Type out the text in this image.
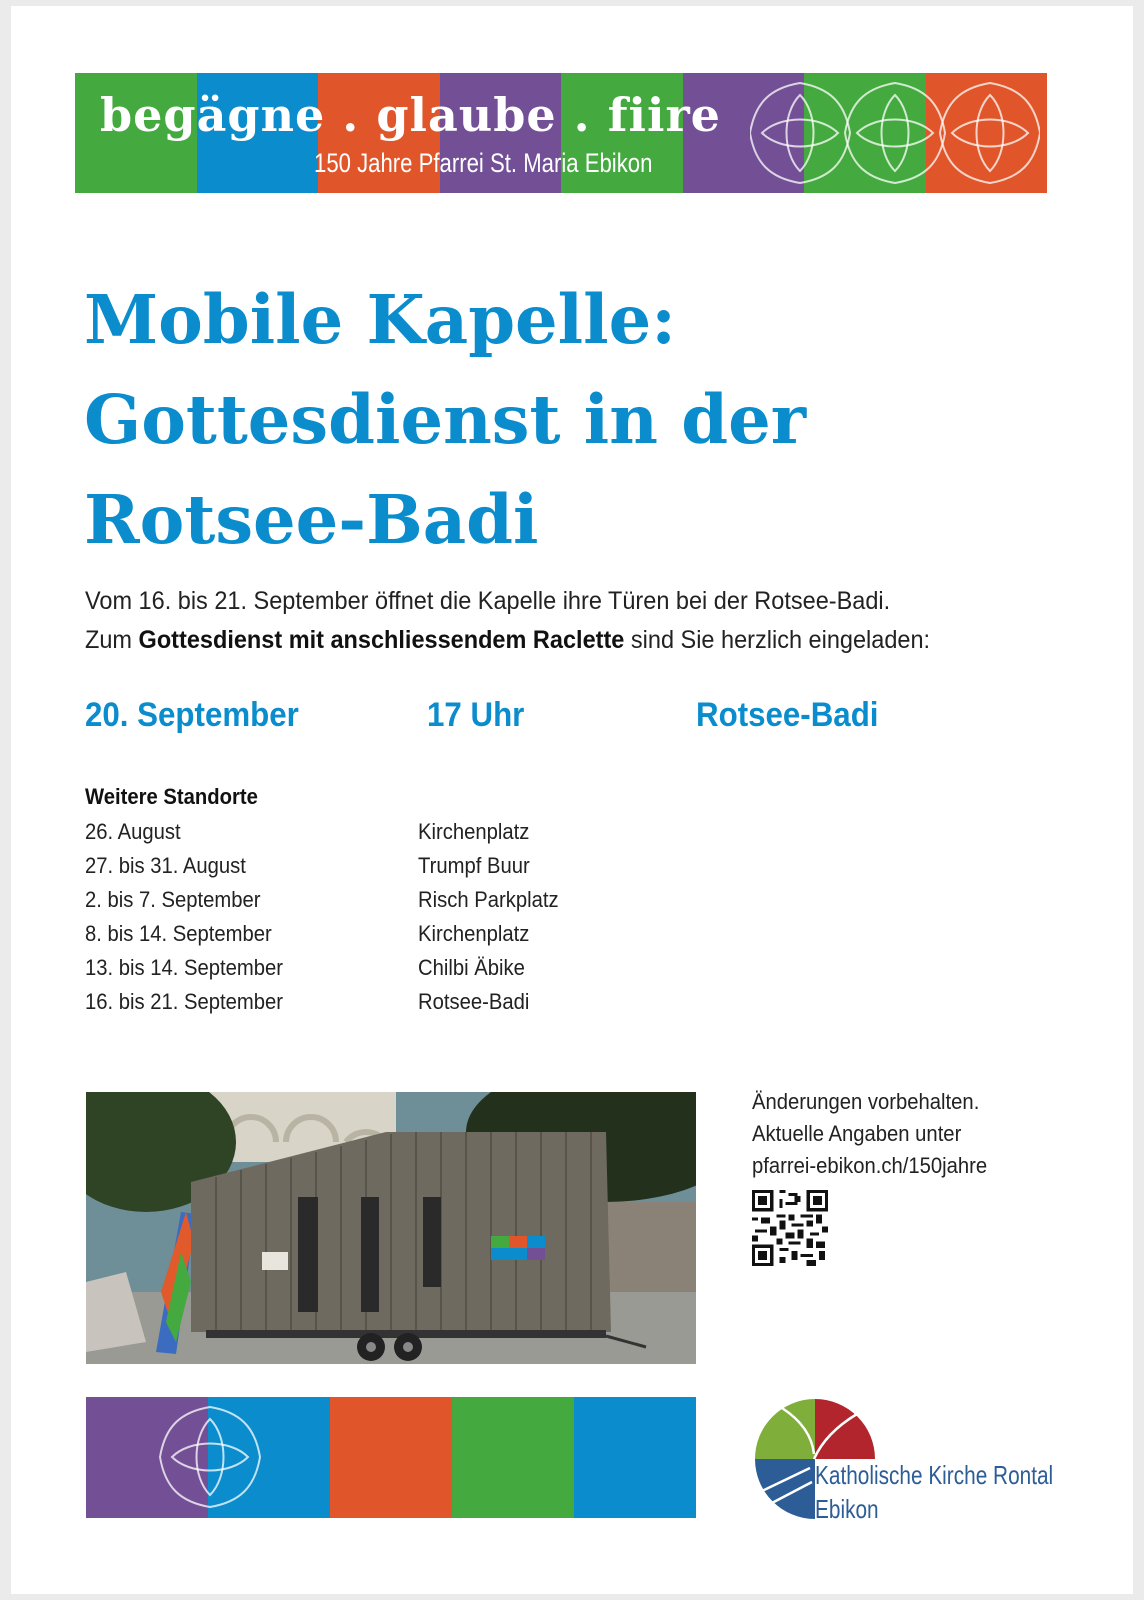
begägne . glaube . fiire
150 Jahre Pfarrei St. Maria Ebikon
Mobile Kapelle:
Gottesdienst in der
Rotsee-Badi
Vom 16. bis 21. September öffnet die Kapelle ihre Türen bei der Rotsee-Badi.
Zum Gottesdienst mit anschliessendem Raclette sind Sie herzlich eingeladen:
20. September	17 Uhr	Rotsee-Badi
Weitere Standorte
26. August	Kirchenplatz
27. bis 31. August	Trumpf Buur
2. bis 7. September	Risch Parkplatz
8. bis 14. September	Kirchenplatz
13. bis 14. September	Chilbi Äbike
16. bis 21. September	Rotsee-Badi
Änderungen vorbehalten.
Aktuelle Angaben unter
pfarrei-ebikon.ch/150jahre
Katholische Kirche Rontal
Ebikon
